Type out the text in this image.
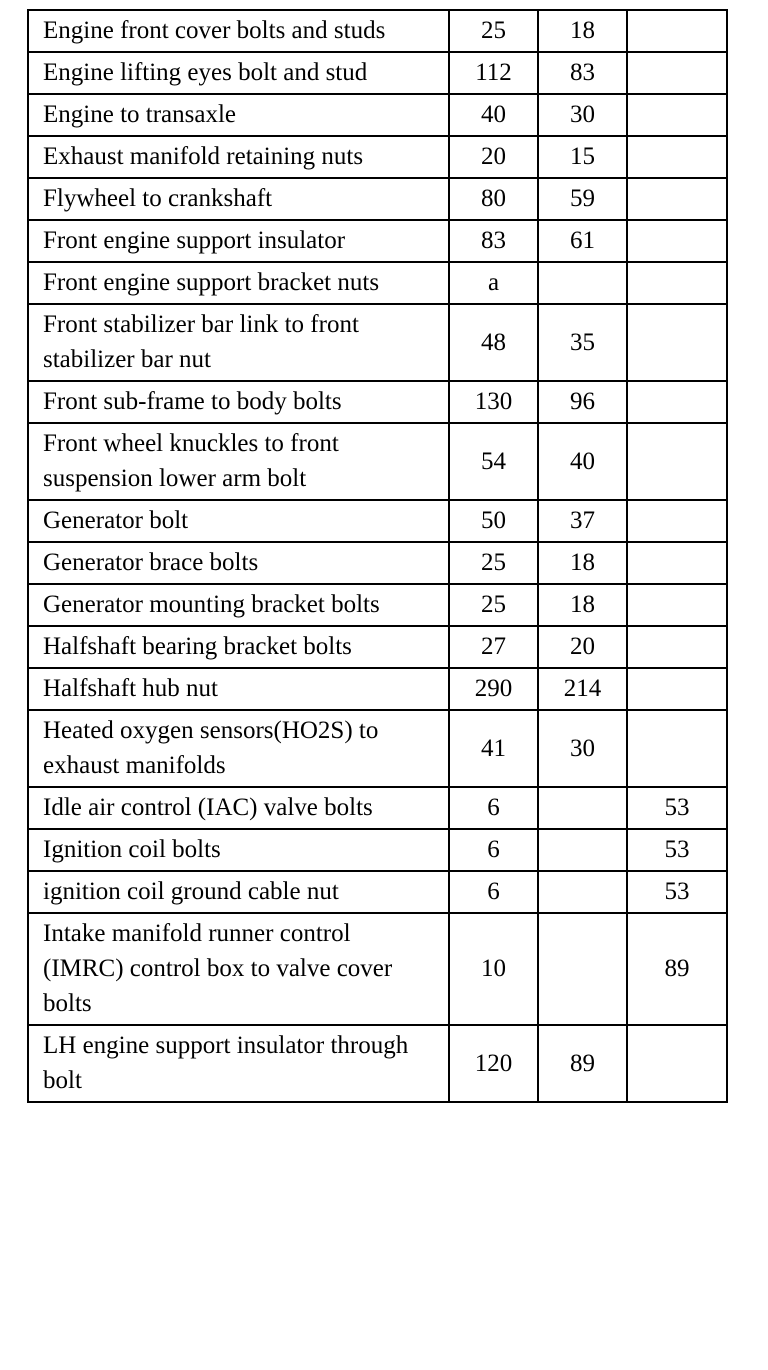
Engine front cover bolts and studs	25	18	
Engine lifting eyes bolt and stud	112	83	
Engine to transaxle	40	30	
Exhaust manifold retaining nuts	20	15	
Flywheel to crankshaft	80	59	
Front engine support insulator	83	61	
Front engine support bracket nuts	a		
Front stabilizer bar link to front stabilizer bar nut	48	35	
Front sub-frame to body bolts	130	96	
Front wheel knuckles to front suspension lower arm bolt	54	40	
Generator bolt	50	37	
Generator brace bolts	25	18	
Generator mounting bracket bolts	25	18	
Halfshaft bearing bracket bolts	27	20	
Halfshaft hub nut	290	214	
Heated oxygen sensors(HO2S) to exhaust manifolds	41	30	
Idle air control (IAC) valve bolts	6		53
Ignition coil bolts	6		53
ignition coil ground cable nut	6		53
Intake manifold runner control (IMRC) control box to valve cover bolts	10		89
LH engine support insulator through bolt	120	89	
